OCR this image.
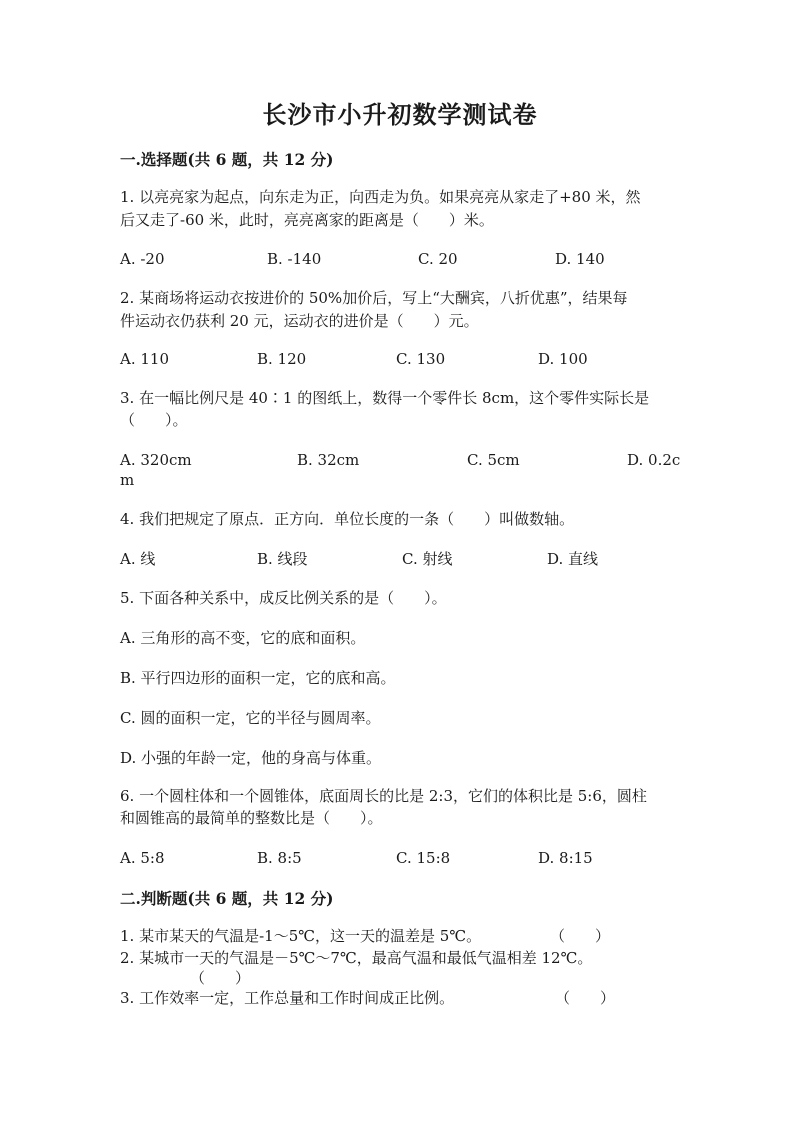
长沙市小升初数学测试卷
一.选择题(共 6 题，共 12 分)
1. 以亮亮家为起点，向东走为正，向西走为负。如果亮亮从家走了+80 米，然
后又走了-60 米，此时，亮亮离家的距离是（　　）米。
A. -20	B. -140	C. 20	D. 140
2. 某商场将运动衣按进价的 50%加价后，写上“大酬宾，八折优惠”，结果每
件运动衣仍获利 20 元，运动衣的进价是（　　）元。
A. 110	B. 120	C. 130	D. 100
3. 在一幅比例尺是 40∶1 的图纸上，数得一个零件长 8cm，这个零件实际长是
（　　）。
A. 320cm	B. 32cm	C. 5cm	D. 0.2c
m
4. 我们把规定了原点．正方向．单位长度的一条（　　）叫做数轴。
A. 线	B. 线段	C. 射线	D. 直线
5. 下面各种关系中，成反比例关系的是（　　）。
A. 三角形的高不变，它的底和面积。
B. 平行四边形的面积一定，它的底和高。
C. 圆的面积一定，它的半径与圆周率。
D. 小强的年龄一定，他的身高与体重。
6. 一个圆柱体和一个圆锥体，底面周长的比是 2:3，它们的体积比是 5:6，圆柱
和圆锥高的最简单的整数比是（　　）。
A. 5:8	B. 8:5	C. 15:8	D. 8:15
二.判断题(共 6 题，共 12 分)
1. 某市某天的气温是-1～5℃，这一天的温差是 5℃。	（　　）
2. 某城市一天的气温是－5℃～7℃，最高气温和最低气温相差 12℃。
（　　）
3. 工作效率一定，工作总量和工作时间成正比例。	（　　）
